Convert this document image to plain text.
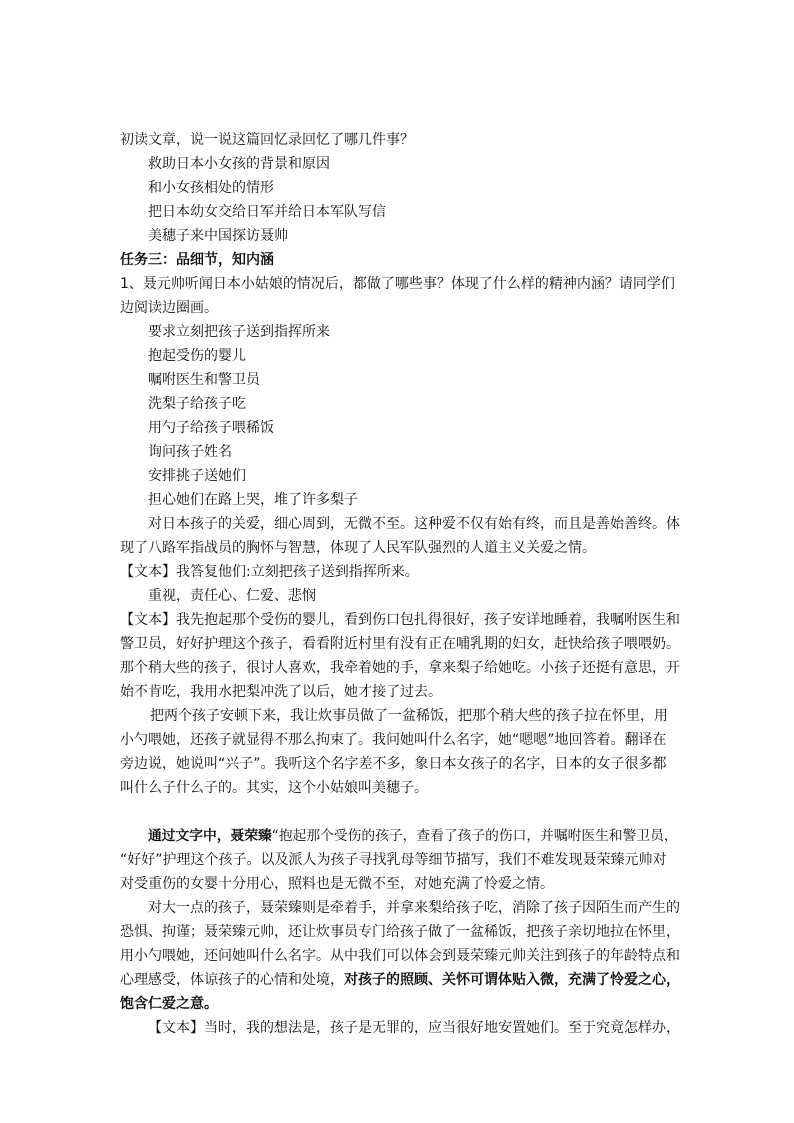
初读文章，说一说这篇回忆录回忆了哪几件事？

救助日本小女孩的背景和原因

和小女孩相处的情形

把日本幼女交给日军并给日本军队写信

美穗子来中国探访聂帅

任务三：品细节，知内涵

1、聂元帅听闻日本小姑娘的情况后，都做了哪些事？体现了什么样的精神内涵？请同学们

边阅读边圈画。

要求立刻把孩子送到指挥所来

抱起受伤的婴儿

嘱咐医生和警卫员

洗梨子给孩子吃

用勺子给孩子喂稀饭

询问孩子姓名

安排挑子送她们

担心她们在路上哭，堆了许多梨子

对日本孩子的关爱，细心周到，无微不至。这种爱不仅有始有终，而且是善始善终。体

现了八路军指战员的胸怀与智慧，体现了人民军队强烈的人道主义关爱之情。

【文本】我答复他们:立刻把孩子送到指挥所来。

重视，责任心、仁爱、悲悯

【文本】我先抱起那个受伤的婴儿，看到伤口包扎得很好，孩子安详地睡着，我嘱咐医生和

警卫员，好好护理这个孩子，看看附近村里有没有正在哺乳期的妇女，赶快给孩子喂喂奶。

那个稍大些的孩子，很讨人喜欢，我牵着她的手，拿来梨子给她吃。小孩子还挺有意思，开

始不肯吃，我用水把梨冲洗了以后，她才接了过去。

把两个孩子安顿下来，我让炊事员做了一盆稀饭，把那个稍大些的孩子拉在怀里，用

小勺喂她，还孩子就显得不那么拘束了。我问她叫什么名字，她“嗯嗯”地回答着。翻译在

旁边说，她说叫“兴子”。我听这个名字差不多，象日本女孩子的名字，日本的女子很多都

叫什么子什么子的。其实，这个小姑娘叫美穗子。

通过文字中，聂荣臻“抱起那个受伤的孩子，查看了孩子的伤口，并嘱咐医生和警卫员，

“好好”护理这个孩子。以及派人为孩子寻找乳母等细节描写，我们不难发现聂荣臻元帅对

对受重伤的女婴十分用心，照料也是无微不至，对她充满了怜爱之情。

对大一点的孩子，聂荣臻则是牵着手，并拿来梨给孩子吃，消除了孩子因陌生而产生的

恐惧、拘谨；聂荣臻元帅，还让炊事员专门给孩子做了一盆稀饭，把孩子亲切地拉在怀里，

用小勺喂她，还问她叫什么名字。从中我们可以体会到聂荣臻元帅关注到孩子的年龄特点和

心理感受，体谅孩子的心情和处境，对孩子的照顾、关怀可谓体贴入微，充满了怜爱之心，

饱含仁爱之意。

【文本】当时，我的想法是，孩子是无罪的，应当很好地安置她们。至于究竟怎样办，
